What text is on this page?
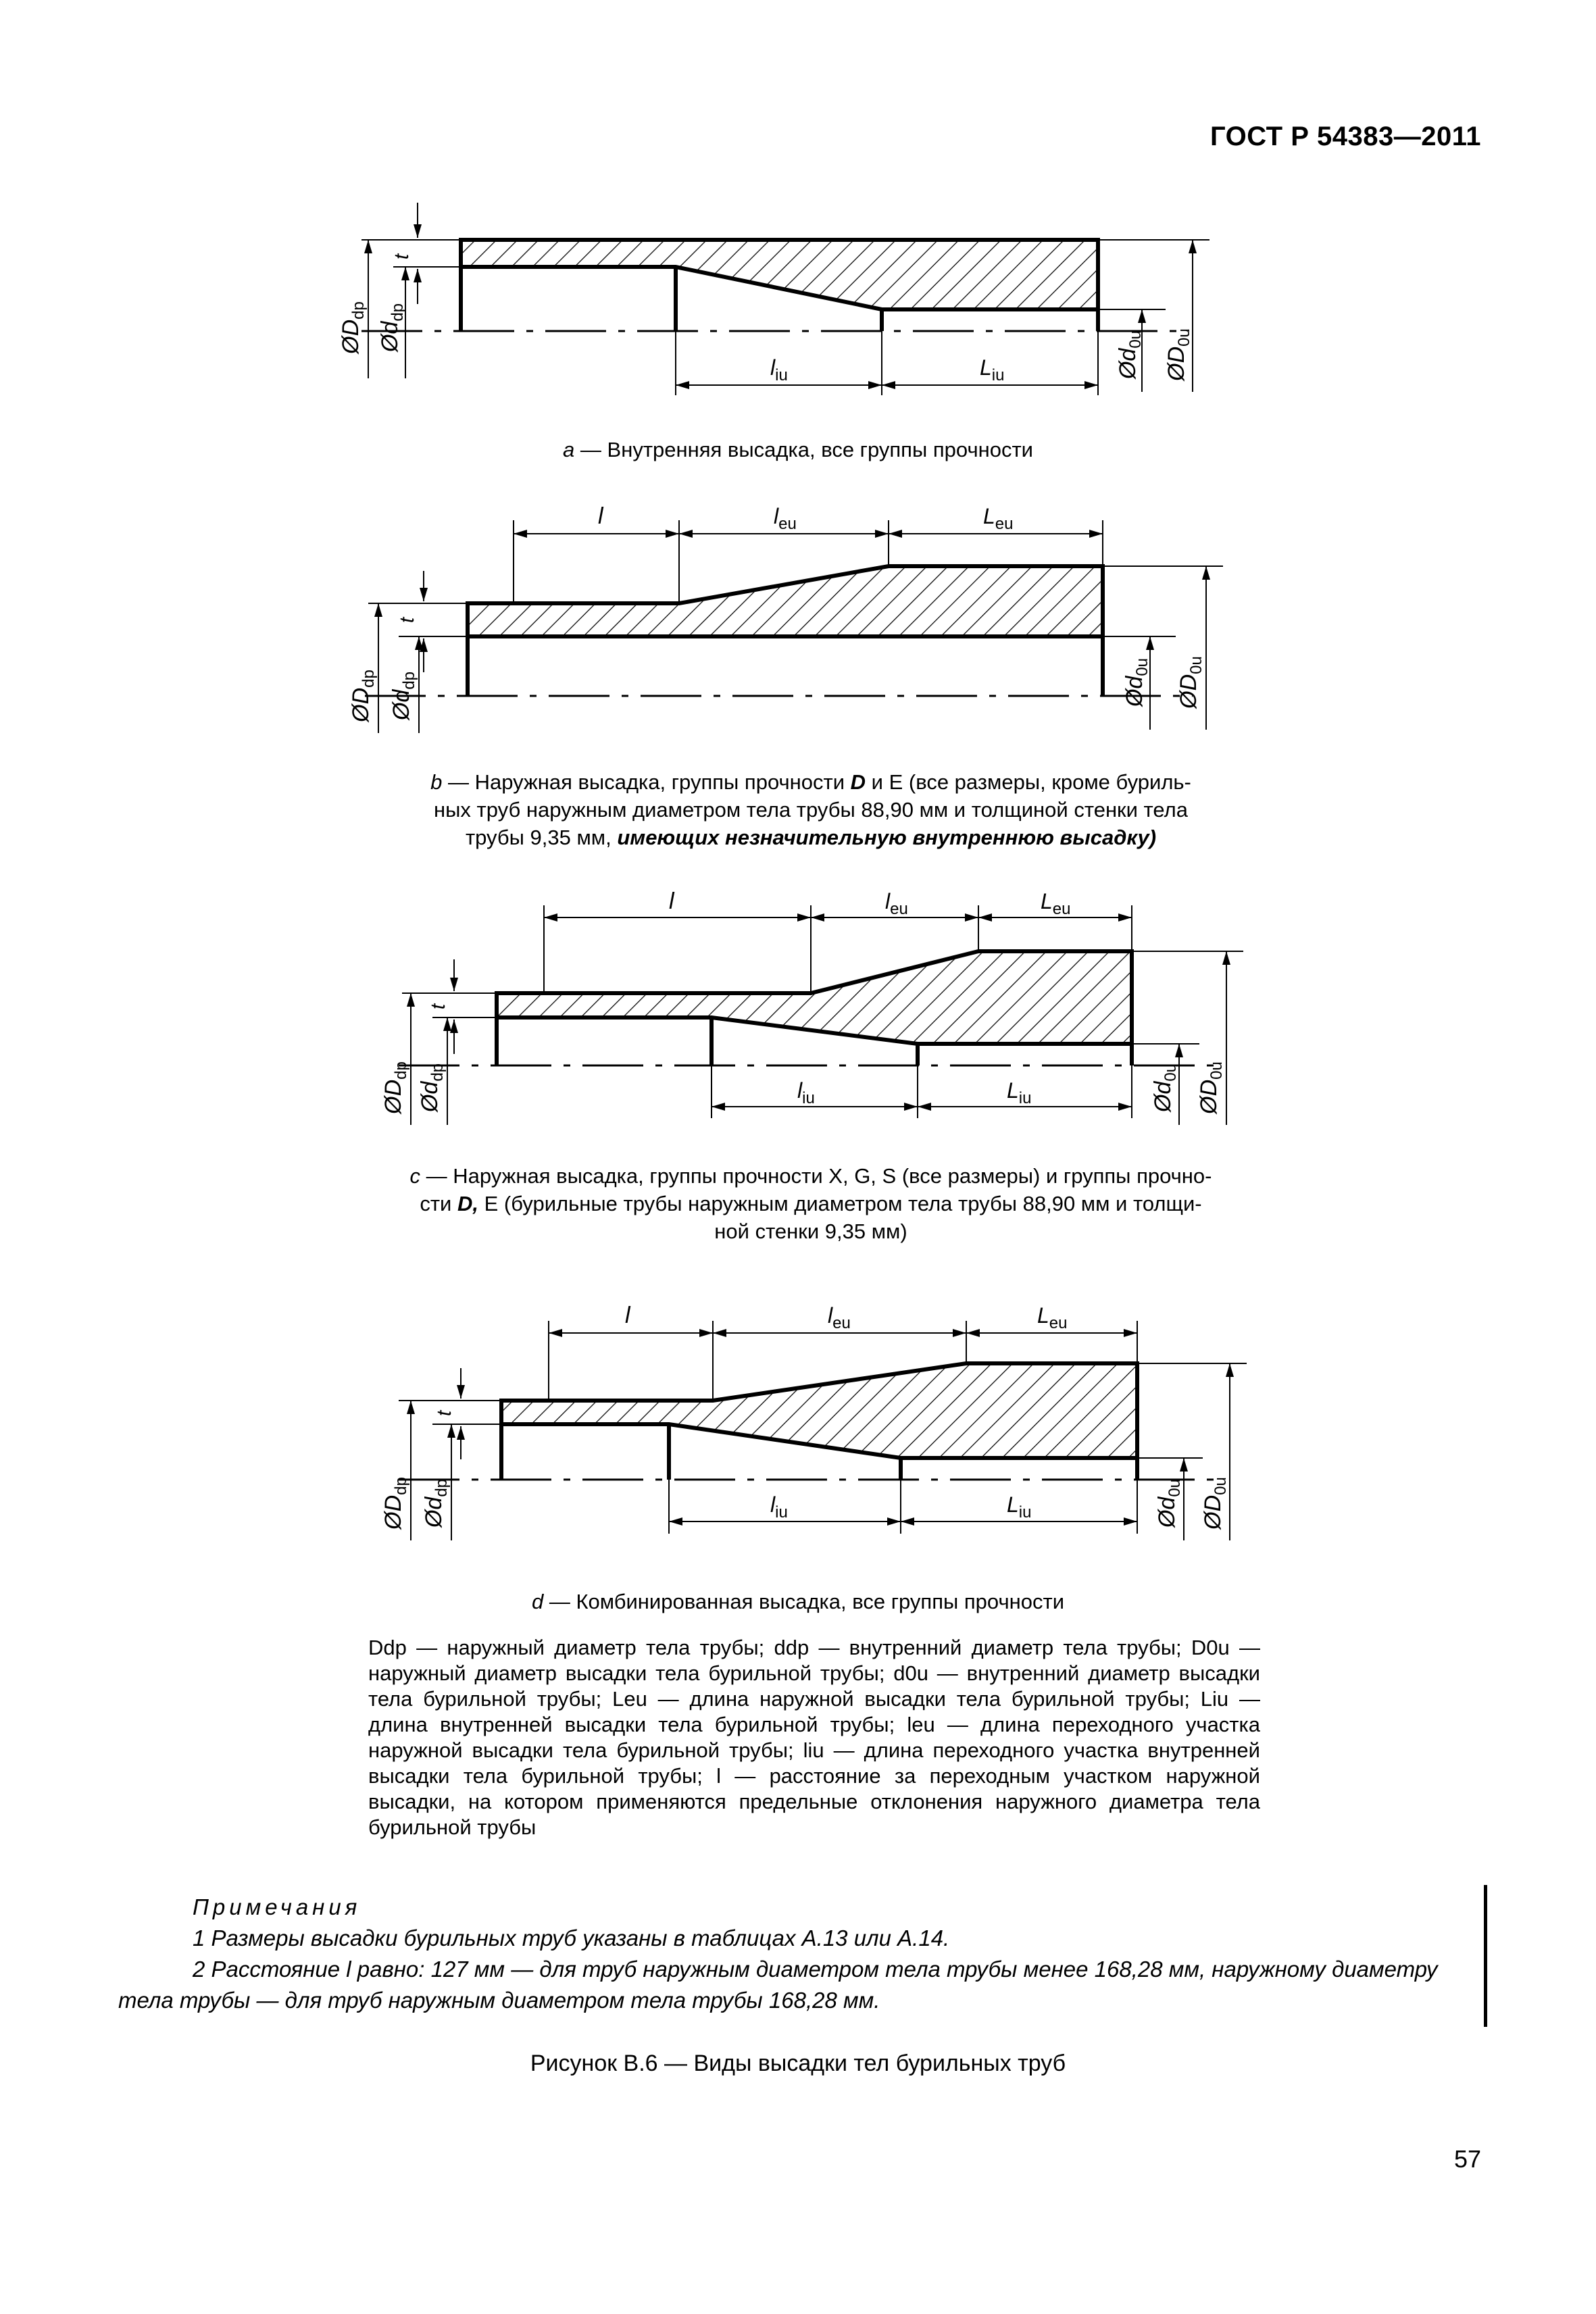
ГОСТ Р 54383—2011
t
$ØD_{dp}$
$Ød_{dp}$
$l_{iu}$	$L_{iu}$	$Ød_{0u}$
$ØD_{0u}$
l	$l_{eu}$	$L_{eu}$
t
$ØD_{dp}$
$Ød_{dp}$	$Ød_{0u}$
$ØD_{0u}$
l	$l_{eu}$	$L_{eu}$
t
$ØD_{dp}$
$Ød_{dp}$
$l_{iu}$	$L_{iu}$	$Ød_{0u}$
$ØD_{0u}$
l	$l_{eu}$	$L_{eu}$
t
$ØD_{dp}$
$Ød_{dp}$
$l_{iu}$	$L_{iu}$	$Ød_{0u}$
$ØD_{0u}$
a — Внутренняя высадка, все группы прочности
b — Наружная высадка, группы прочности D и E (все размеры, кроме буриль-
ных труб наружным диаметром тела трубы 88,90 мм и толщиной стенки тела
трубы 9,35 мм, имеющих незначительную внутреннюю высадку)
c — Наружная высадка, группы прочности X, G, S (все размеры) и группы прочно-
сти D, E (бурильные трубы наружным диаметром тела трубы 88,90 мм и толщи-
ной стенки 9,35 мм)
d — Комбинированная высадка, все группы прочности
Ddp — наружный диаметр тела трубы; ddp — внутренний диаметр тела трубы; D0u — наружный диаметр высадки тела бурильной трубы; d0u — внутренний диаметр высадки тела бурильной трубы; Leu — длина наружной высадки тела бурильной трубы; Liu — длина внутренней высадки тела бурильной трубы; leu — длина переходного участка наружной высадки тела бурильной трубы; liu — длина переходного участка внутренней высадки тела бурильной трубы; l — расстояние за переходным участком наружной высадки, на котором применяются предельные отклонения наружного диаметра тела бурильной трубы

Примечания

1 Размеры высадки бурильных труб указаны в таблицах А.13 или А.14.

2 Расстояние l равно: 127 мм — для труб наружным диаметром тела трубы менее 168,28 мм, наружному диаметру тела трубы — для труб наружным диаметром тела трубы 168,28 мм.

Рисунок В.6 — Виды высадки тел бурильных труб
57
